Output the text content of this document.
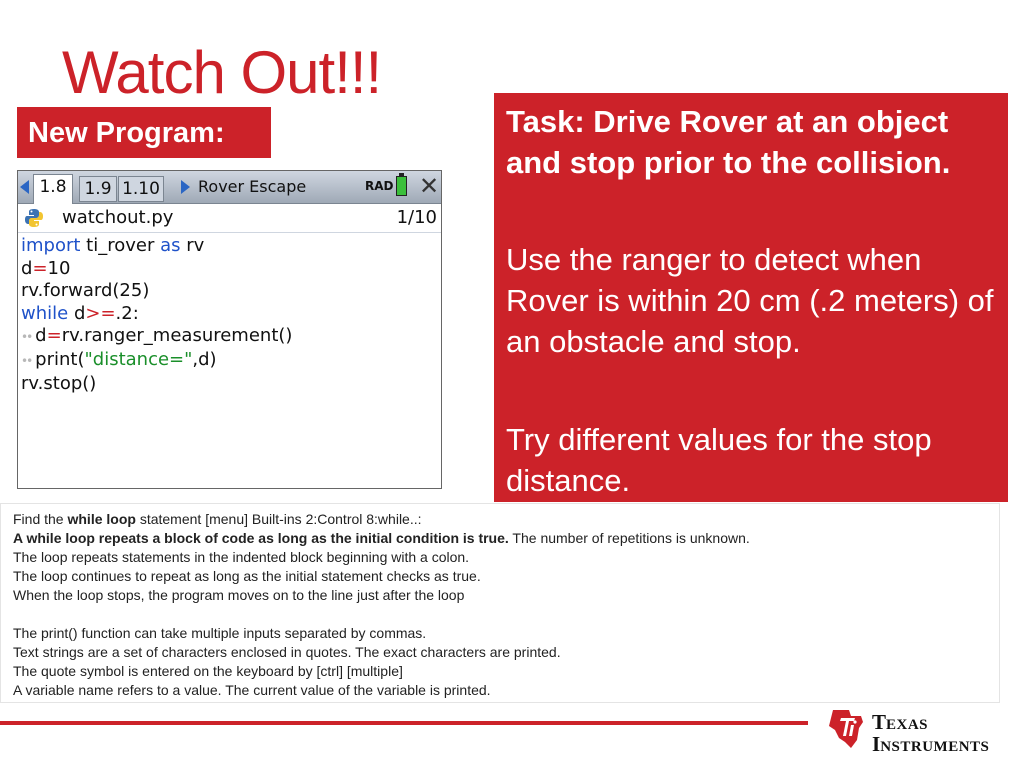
Watch Out!!!
New Program:	Task: Drive Rover at an object and stop prior to the collision.

Use the ranger to detect when Rover is within 20 cm (.2 meters) of an obstacle and stop.

Try different values for the stop distance.

1.8	1.9 1.10 Rover Escape	RAD ✕
watchout.py	1/10
import ti_rover as rv
d=10
rv.forward(25)
while d>=.2:
•• d=rv.ranger_measurement()
•• print("distance=",d)
rv.stop()
Find the while loop statement [menu] Built-ins 2:Control 8:while..:
A while loop repeats a block of code as long as the initial condition is true. The number of repetitions is unknown.
The loop repeats statements in the indented block beginning with a colon.
The loop continues to repeat as long as the initial statement checks as true.
When the loop stops, the program moves on to the line just after the loop
The print() function can take multiple inputs separated by commas.
Text strings are a set of characters enclosed in quotes. The exact characters are printed.
The quote symbol is entered on the keyboard by [ctrl] [multiple]
A variable name refers to a value. The current value of the variable is printed.
TEXAS
INSTRUMENTS
